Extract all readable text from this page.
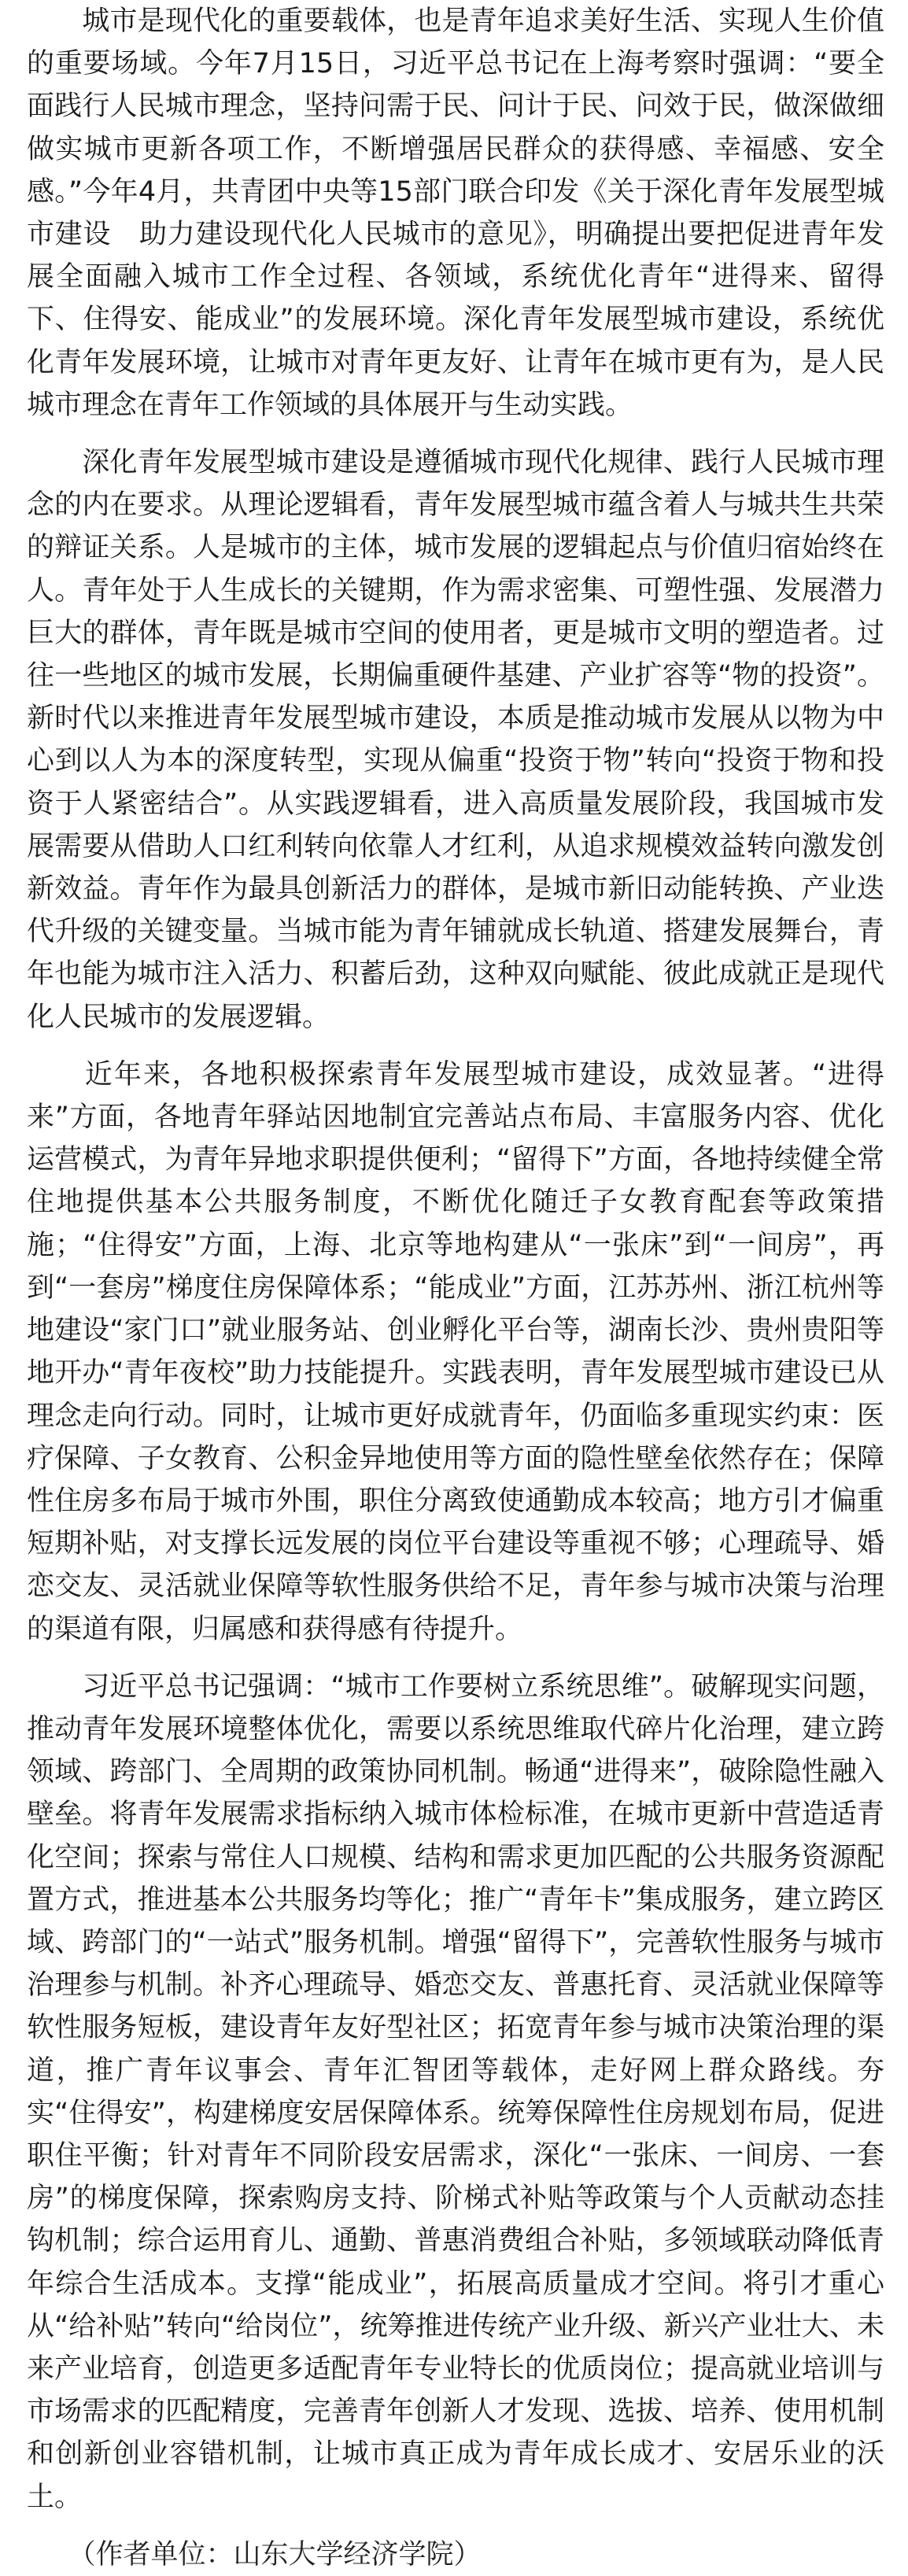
　　城市是现代化的重要载体，也是青年追求美好生活、实现人生价值的重要场域。今年7月15日，习近平总书记在上海考察时强调：“要全面践行人民城市理念，坚持问需于民、问计于民、问效于民，做深做细做实城市更新各项工作，不断增强居民群众的获得感、幸福感、安全感。”今年4月，共青团中央等15部门联合印发《关于深化青年发展型城市建设　助力建设现代化人民城市的意见》，明确提出要把促进青年发展全面融入城市工作全过程、各领域，系统优化青年“进得来、留得下、住得安、能成业”的发展环境。深化青年发展型城市建设，系统优化青年发展环境，让城市对青年更友好、让青年在城市更有为，是人民城市理念在青年工作领域的具体展开与生动实践。

　　深化青年发展型城市建设是遵循城市现代化规律、践行人民城市理念的内在要求。从理论逻辑看，青年发展型城市蕴含着人与城共生共荣的辩证关系。人是城市的主体，城市发展的逻辑起点与价值归宿始终在人。青年处于人生成长的关键期，作为需求密集、可塑性强、发展潜力巨大的群体，青年既是城市空间的使用者，更是城市文明的塑造者。过往一些地区的城市发展，长期偏重硬件基建、产业扩容等“物的投资”。新时代以来推进青年发展型城市建设，本质是推动城市发展从以物为中心到以人为本的深度转型，实现从偏重“投资于物”转向“投资于物和投资于人紧密结合”。从实践逻辑看，进入高质量发展阶段，我国城市发展需要从借助人口红利转向依靠人才红利，从追求规模效益转向激发创新效益。青年作为最具创新活力的群体，是城市新旧动能转换、产业迭代升级的关键变量。当城市能为青年铺就成长轨道、搭建发展舞台，青年也能为城市注入活力、积蓄后劲，这种双向赋能、彼此成就正是现代化人民城市的发展逻辑。

　　近年来，各地积极探索青年发展型城市建设，成效显著。“进得来”方面，各地青年驿站因地制宜完善站点布局、丰富服务内容、优化运营模式，为青年异地求职提供便利；“留得下”方面，各地持续健全常住地提供基本公共服务制度，不断优化随迁子女教育配套等政策措施；“住得安”方面，上海、北京等地构建从“一张床”到“一间房”，再到“一套房”梯度住房保障体系；“能成业”方面，江苏苏州、浙江杭州等地建设“家门口”就业服务站、创业孵化平台等，湖南长沙、贵州贵阳等地开办“青年夜校”助力技能提升。实践表明，青年发展型城市建设已从理念走向行动。同时，让城市更好成就青年，仍面临多重现实约束：医疗保障、子女教育、公积金异地使用等方面的隐性壁垒依然存在；保障性住房多布局于城市外围，职住分离致使通勤成本较高；地方引才偏重短期补贴，对支撑长远发展的岗位平台建设等重视不够；心理疏导、婚恋交友、灵活就业保障等软性服务供给不足，青年参与城市决策与治理的渠道有限，归属感和获得感有待提升。

　　习近平总书记强调：“城市工作要树立系统思维”。破解现实问题，推动青年发展环境整体优化，需要以系统思维取代碎片化治理，建立跨领域、跨部门、全周期的政策协同机制。畅通“进得来”，破除隐性融入壁垒。将青年发展需求指标纳入城市体检标准，在城市更新中营造适青化空间；探索与常住人口规模、结构和需求更加匹配的公共服务资源配置方式，推进基本公共服务均等化；推广“青年卡”集成服务，建立跨区域、跨部门的“一站式”服务机制。增强“留得下”，完善软性服务与城市治理参与机制。补齐心理疏导、婚恋交友、普惠托育、灵活就业保障等软性服务短板，建设青年友好型社区；拓宽青年参与城市决策治理的渠道，推广青年议事会、青年汇智团等载体，走好网上群众路线。夯实“住得安”，构建梯度安居保障体系。统筹保障性住房规划布局，促进职住平衡；针对青年不同阶段安居需求，深化“一张床、一间房、一套房”的梯度保障，探索购房支持、阶梯式补贴等政策与个人贡献动态挂钩机制；综合运用育儿、通勤、普惠消费组合补贴，多领域联动降低青年综合生活成本。支撑“能成业”，拓展高质量成才空间。将引才重心从“给补贴”转向“给岗位”，统筹推进传统产业升级、新兴产业壮大、未来产业培育，创造更多适配青年专业特长的优质岗位；提高就业培训与市场需求的匹配精度，完善青年创新人才发现、选拔、培养、使用机制和创新创业容错机制，让城市真正成为青年成长成才、安居乐业的沃土。

　　（作者单位：山东大学经济学院）
